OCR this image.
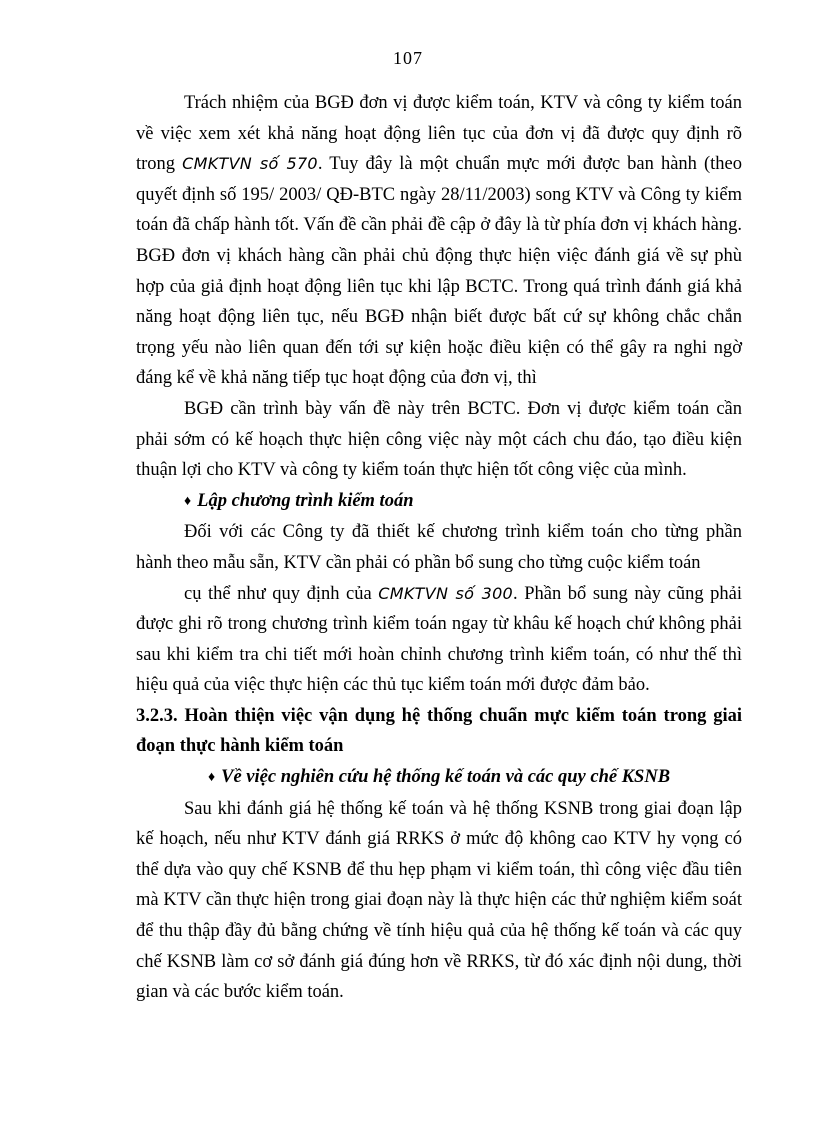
107

Trách nhiệm của BGĐ đơn vị được kiểm toán, KTV và công ty kiểm toán về việc xem xét khả năng hoạt động liên tục của đơn vị đã được quy định rõ trong CMKTVN số 570. Tuy đây là một chuẩn mực mới được ban hành (theo quyết định số 195/ 2003/ QĐ-BTC ngày 28/11/2003) song KTV và Công ty kiểm toán đã chấp hành tốt. Vấn đề cần phải đề cập ở đây là từ phía đơn vị khách hàng. BGĐ đơn vị khách hàng cần phải chủ động thực hiện việc đánh giá về sự phù hợp của giả định hoạt động liên tục khi lập BCTC. Trong quá trình đánh giá khả năng hoạt động liên tục, nếu BGĐ nhận biết được bất cứ sự không chắc chắn trọng yếu nào liên quan đến tới sự kiện hoặc điều kiện có thể gây ra nghi ngờ đáng kể về khả năng tiếp tục hoạt động của đơn vị, thì

BGĐ cần trình bày vấn đề này trên BCTC. Đơn vị được kiểm toán cần phải sớm có kế hoạch thực hiện công việc này một cách chu đáo, tạo điều kiện thuận lợi cho KTV và công ty kiểm toán thực hiện tốt công việc của mình.

♦ Lập chương trình kiểm toán

Đối với các Công ty đã thiết kế chương trình kiểm toán cho từng phần hành theo mẫu sẵn, KTV cần phải có phần bổ sung cho từng cuộc kiểm toán

cụ thể như quy định của CMKTVN số 300. Phần bổ sung này cũng phải được ghi rõ trong chương trình kiểm toán ngay từ khâu kế hoạch chứ không phải sau khi kiểm tra chi tiết mới hoàn chỉnh chương trình kiểm toán, có như thế thì hiệu quả của việc thực hiện các thủ tục kiểm toán mới được đảm bảo.

3.2.3. Hoàn thiện việc vận dụng hệ thống chuẩn mực kiểm toán trong giai đoạn thực hành kiểm toán

♦ Về việc nghiên cứu hệ thống kế toán và các quy chế KSNB

Sau khi đánh giá hệ thống kế toán và hệ thống KSNB trong giai đoạn lập kế hoạch, nếu như KTV đánh giá RRKS ở mức độ không cao KTV hy vọng có thể dựa vào quy chế KSNB để thu hẹp phạm vi kiểm toán, thì công việc đầu tiên mà KTV cần thực hiện trong giai đoạn này là thực hiện các thử nghiệm kiểm soát để thu thập đầy đủ bằng chứng về tính hiệu quả của hệ thống kế toán và các quy chế KSNB làm cơ sở đánh giá đúng hơn về RRKS, từ đó xác định nội dung, thời gian và các bước kiểm toán.
